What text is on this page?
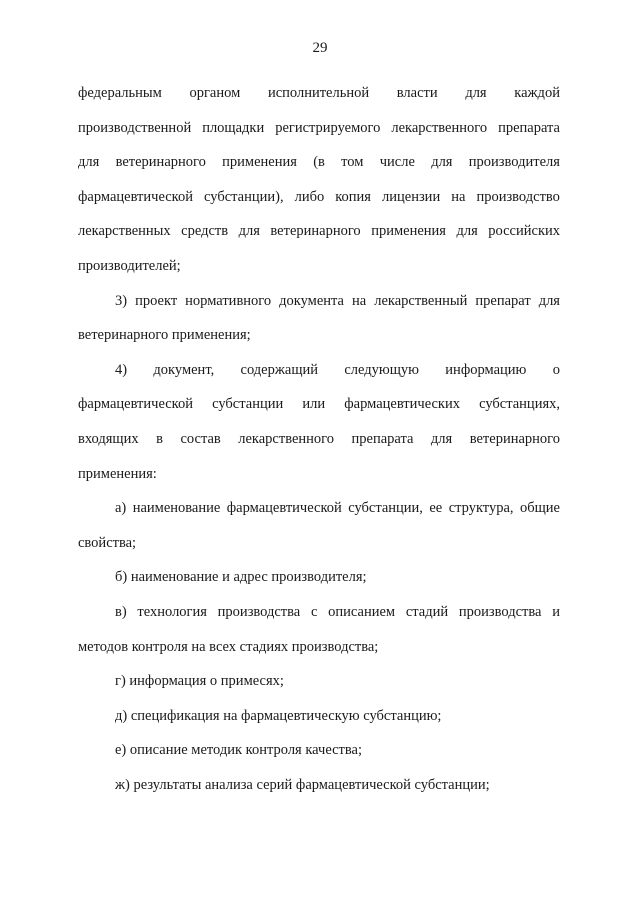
29
федеральным органом исполнительной власти для каждой
производственной площадки регистрируемого лекарственного препарата
для ветеринарного применения (в том числе для производителя
фармацевтической субстанции), либо копия лицензии на производство
лекарственных средств для ветеринарного применения для российских
производителей;
3) проект нормативного документа на лекарственный препарат для
ветеринарного применения;
4) документ, содержащий следующую информацию о
фармацевтической субстанции или фармацевтических субстанциях,
входящих в состав лекарственного препарата для ветеринарного
применения:
а) наименование фармацевтической субстанции, ее структура, общие
свойства;
б) наименование и адрес производителя;
в) технология производства с описанием стадий производства и
методов контроля на всех стадиях производства;
г) информация о примесях;
д) спецификация на фармацевтическую субстанцию;
е) описание методик контроля качества;
ж) результаты анализа серий фармацевтической субстанции;
